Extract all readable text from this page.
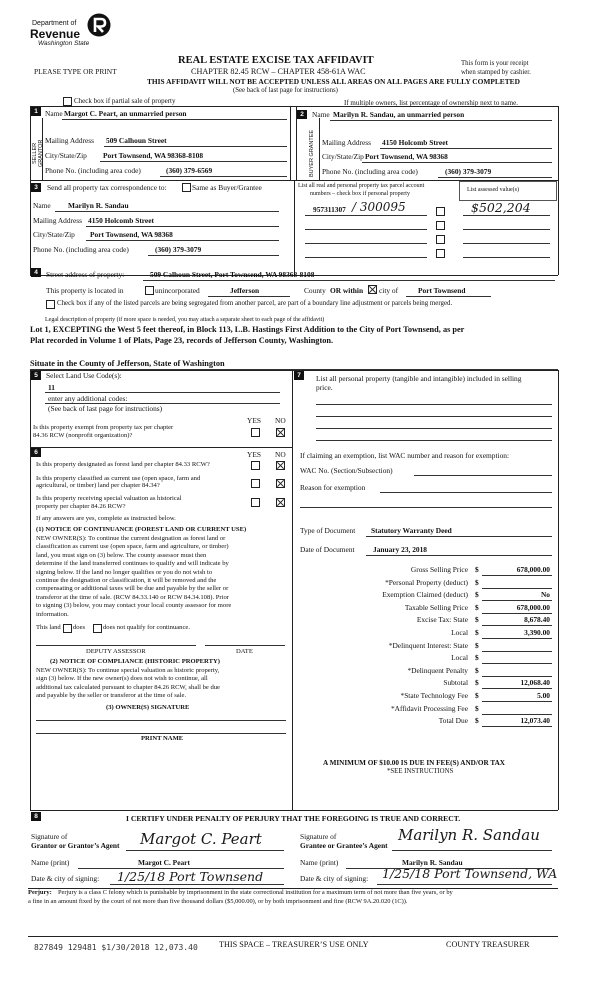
Department of
Revenue
Washington State
REAL ESTATE EXCISE TAX AFFIDAVIT
CHAPTER 82.45 RCW – CHAPTER 458-61A WAC
THIS AFFIDAVIT WILL NOT BE ACCEPTED UNLESS ALL AREAS ON ALL PAGES ARE FULLY COMPLETED
(See back of last page for instructions)
PLEASE TYPE OR PRINT
This form is your receipt
when stamped by cashier.
Check box if partial sale of property	If multiple owners, list percentage of ownership next to name.
1
SELLER GRANTOR
Name Margot C. Peart, an unmarried person
Mailing Address 509 Calhoun Street
City/State/Zip Port Townsend, WA 98368-8108
Phone No. (including area code)	(360) 379-6569
2
BUYER GRANTEE
Name Marilyn R. Sandau, an unmarried person
Mailing Address 4150 Holcomb Street
City/State/Zip Port Townsend, WA 98368
Phone No. (including area code)	(360) 379-3079
3	Send all property tax correspondence to:	Same as Buyer/Grantee
Name Marilyn R. Sandau
Mailing Address 4150 Holcomb Street
City/State/Zip Port Townsend, WA 98368
Phone No. (including area code)	(360) 379-3079
List all real and personal property tax parcel account
numbers – check box if personal property
List assessed value(s)
957311307 / 300095	$502,204
4	Street address of property:	509 Calhoun Street, Port Townsend, WA 98368-8108
This property is located in	unincorporated	Jefferson	County OR within city of	Port Townsend
Check box if any of the listed parcels are being segregated from another parcel, are part of a boundary line adjustment or parcels being merged.
Legal description of property (if more space is needed, you may attach a separate sheet to each page of the affidavit)
Lot 1, EXCEPTING the West 5 feet thereof, in Block 113, L.B. Hastings First Addition to the City of Port Townsend, as per
Plat recorded in Volume 1 of Plats, Page 23, records of Jefferson County, Washington.
Situate in the County of Jefferson, State of Washington
5	Select Land Use Code(s):
11
enter any additional codes:
(See back of last page for instructions)
YES NO
Is this property exempt from property tax per chapter
84.36 RCW (nonprofit organization)?
6	YES NO
Is this property designated as forest land per chapter 84.33 RCW?
Is this property classified as current use (open space, farm and
agricultural, or timber) land per chapter 84.34?
Is this property receiving special valuation as historical
property per chapter 84.26 RCW?
If any answers are yes, complete as instructed below.
(1) NOTICE OF CONTINUANCE (FOREST LAND OR CURRENT USE)
NEW OWNER(S): To continue the current designation as forest land or
classification as current use (open space, farm and agriculture, or timber)
land, you must sign on (3) below. The county assessor must then
determine if the land transferred continues to qualify and will indicate by
signing below. If the land no longer qualifies or you do not wish to
continue the designation or classification, it will be removed and the
compensating or additional taxes will be due and payable by the seller or
transferor at the time of sale. (RCW 84.33.140 or RCW 84.34.108). Prior
to signing (3) below, you may contact your local county assessor for more
information.
This land does	does not qualify for continuance.
DEPUTY ASSESSOR	DATE
(2) NOTICE OF COMPLIANCE (HISTORIC PROPERTY)
NEW OWNER(S): To continue special valuation as historic property,
sign (3) below. If the new owner(s) does not wish to continue, all
additional tax calculated pursuant to chapter 84.26 RCW, shall be due
and payable by the seller or transferor at the time of sale.
(3) OWNER(S) SIGNATURE
PRINT NAME
7	List all personal property (tangible and intangible) included in selling
price.
If claiming an exemption, list WAC number and reason for exemption:
WAC No. (Section/Subsection)
Reason for exemption
Type of Document Statutory Warranty Deed
Date of Document January 23, 2018
Gross Selling Price $	678,000.00
*Personal Property (deduct) $
Exemption Claimed (deduct) $	No
Taxable Selling Price $	678,000.00
Excise Tax: State $	8,678.40
Local $	3,390.00
*Delinquent Interest: State $
Local $
*Delinquent Penalty $
Subtotal $	12,068.40
*State Technology Fee $	5.00
*Affidavit Processing Fee $
Total Due $	12,073.40
A MINIMUM OF $10.00 IS DUE IN FEE(S) AND/OR TAX
*SEE INSTRUCTIONS
8	I CERTIFY UNDER PENALTY OF PERJURY THAT THE FOREGOING IS TRUE AND CORRECT.
Signature of
Grantor or Grantor’s Agent Margot C. Peart
Name (print)	Margot C. Peart
Date & city of signing: 1/25/18 Port Townsend
Signature of
Grantee or Grantee’s Agent
Marilyn R. Sandau
Name (print)	Marilyn R. Sandau
Date & city of signing: 1/25/18 Port Townsend, WA
Perjury: Perjury is a class C felony which is punishable by imprisonment in the state correctional institution for a maximum term of not more than five years, or by
a fine in an amount fixed by the court of not more than five thousand dollars ($5,000.00), or by both imprisonment and fine (RCW 9A.20.020 (1C)).
827849 129481 $1/30/2018 12,073.40	THIS SPACE – TREASURER’S USE ONLY	COUNTY TREASURER
